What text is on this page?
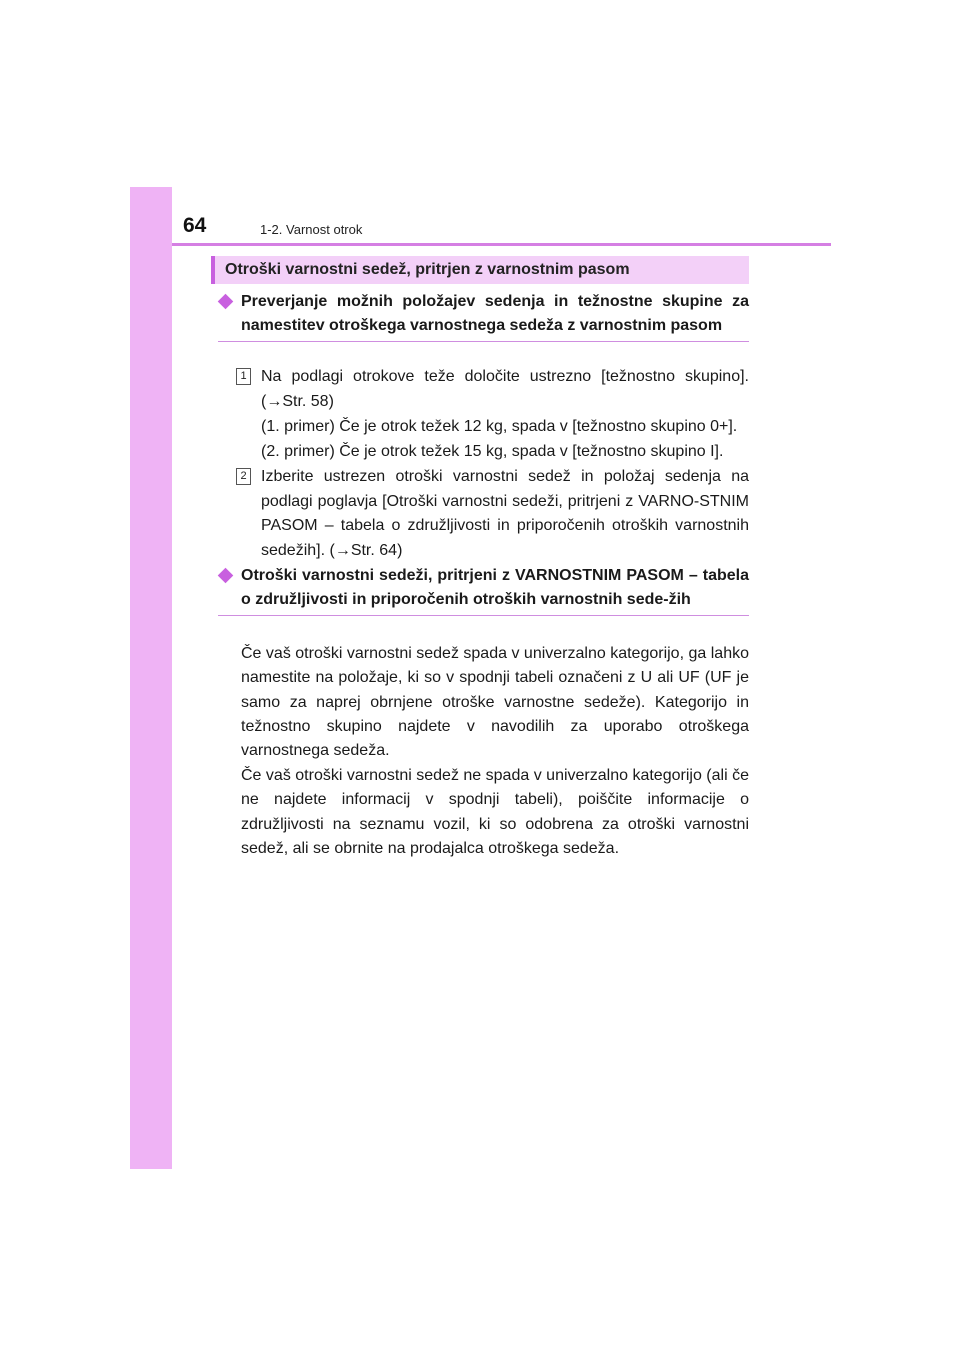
64	1-2. Varnost otrok
Otroški varnostni sedež, pritrjen z varnostnim pasom

Preverjanje možnih položajev sedenja in težnostne skupine za namestitev otroškega varnostnega sedeža z varnostnim pasom

1 Na podlagi otrokove teže določite ustrezno [težnostno skupino]. (→Str. 58)

(1. primer) Če je otrok težek 12 kg, spada v [težnostno skupino 0+].

(2. primer) Če je otrok težek 15 kg, spada v [težnostno skupino I].

2 Izberite ustrezen otroški varnostni sedež in položaj sedenja na podlagi poglavja [Otroški varnostni sedeži, pritrjeni z VARNO-STNIM PASOM – tabela o združljivosti in priporočenih otroških varnostnih sedežih]. (→Str. 64)

Otroški varnostni sedeži, pritrjeni z VARNOSTNIM PASOM – tabela o združljivosti in priporočenih otroških varnostnih sede-žih

Če vaš otroški varnostni sedež spada v univerzalno kategorijo, ga lahko namestite na položaje, ki so v spodnji tabeli označeni z U ali UF (UF je samo za naprej obrnjene otroške varnostne sedeže). Kategorijo in težnostno skupino najdete v navodilih za uporabo otroškega varnostnega sedeža.

Če vaš otroški varnostni sedež ne spada v univerzalno kategorijo (ali če ne najdete informacij v spodnji tabeli), poiščite informacije o združljivosti na seznamu vozil, ki so odobrena za otroški varnostni sedež, ali se obrnite na prodajalca otroškega sedeža.
